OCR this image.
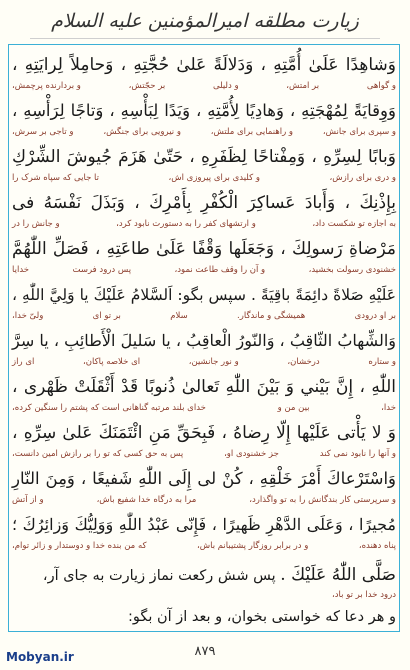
زیارت مطلقه امیرالمؤمنین علیه السلام
وَشاهِدًا عَلَىٰ أُمَّتِهِ ، وَدَلالَةً عَلىٰ حُجَّتِهِ ، وَحامِلاً لِرايَتِهِ ،
و گواهی
بر امتش،
و دلیلی
بر حجّتش،
و بردارنده پرچمش،
وَوِقايَةً لِمُهْجَتِهِ ، وَهادِيًا لِأُمَّتِهِ ، وَيَدًا لِبَأْسِهِ ، وَتاجًا لِرَأْسِهِ ،
و سپری برای جانش،
و راهنمایی برای ملتش،
و نیرویی برای جنگش،
و تاجی بر سرش،
وَبابًا لِسِرِّهِ ، وَمِفْتاحًا لِظَفَرِهِ ، حَتّىٰ هَزَمَ جُيوشَ الشِّرْكِ
و دری برای رازش،
و کلیدی برای پیروزی اش،
تا جایی که سپاه شرک را
بِإِذْنِكَ ، وَأَبادَ عَساكِرَ الْكُفْرِ بِأَمْرِكَ ، وَبَذَلَ نَفْسَهُ فى
به اجازه تو شکست داد،
و ارتشهای کفر را به دستورت نابود کرد،
و جانش را در
مَرْضاةِ رَسولِكَ ، وَجَعَلَها وَقْفًا عَلَىٰ طاعَتِهِ ، فَصَلِّ اللّٰهُمَّ
خشنودی رسولت بخشید،
و آن را وقف طاعت نمود،
پس درود فرست
خدایا
عَلَيْهِ صَلاةً دائِمَةً باقِيَةً . سپس بگو: اَلسَّلامُ عَلَيْكَ يا وَلِيَّ اللّٰهِ ،
بر او درودی
همیشگی و ماندگار.
سلام
بر تو ای
ولیّ خدا،
وَالشِّهابُ الثّاقِبُ ، وَالنّورُ الْعاقِبُ ، يا سَليلَ الْأَطائِبِ ، يا سِرَّ
و ستاره
درخشان،
و نور جانشین،
ای خلاصه پاکان،
ای راز
اللّٰهِ ، إِنَّ بَيْني وَ بَيْنَ اللّٰهِ تَعالىٰ ذُنوبًا قَدْ أَثْقَلَتْ ظَهْرى ،
خدا،
بین من و
خدای بلند مرتبه گناهانی است که پشتم را سنگین کرده،
وَ لا يَأْتى عَلَيْها إِلّا رِضاهُ ، فَبِحَقِّ مَنِ ائْتَمَنَكَ عَلىٰ سِرِّهِ ،
و آنها را نابود نمی کند
جز خشنودی او،
پس به حق کسی که تو را بر رازش امین دانست،
وَاسْتَرْعاكَ أَمْرَ خَلْقِهِ ، كُنْ لى إِلَى اللّٰهِ شَفيعًا ، وَمِنَ النّارِ
و سرپرستی کار بندگانش را به تو واگذارد،
مرا به درگاه خدا شفیع باش،
و از آتش
مُجيرًا ، وَعَلَى الدَّهْرِ ظَهيرًا ، فَإِنّى عَبْدُ اللّٰهِ وَوَلِيُّكَ وَزائِرُكَ ؛
پناه دهنده،
و در برابر روزگار پشتیبانم باش،
که من بنده خدا و دوستدار و زائر توام،
صَلَّى اللّٰهُ عَلَيْكَ . پس شش رکعت نماز زیارت به جای آر،
درود خدا بر تو باد،
و هر دعا که خواستی بخوان، و بعد از آن بگو:
۸۷۹
Mobyan.ir
